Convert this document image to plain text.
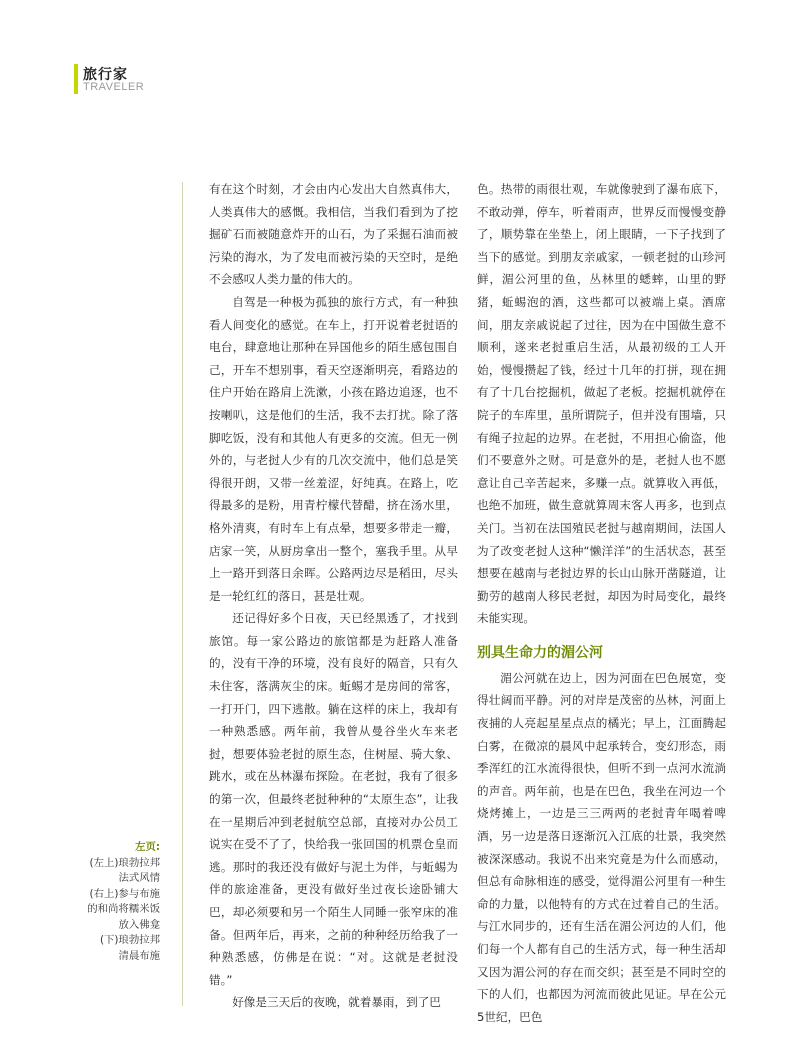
旅行家
TRAVELER

有在这个时刻，才会由内心发出大自然真伟大，人类真伟大的感慨。我相信，当我们看到为了挖掘矿石而被随意炸开的山石，为了采掘石油而被污染的海水，为了发电而被污染的天空时，是绝不会感叹人类力量的伟大的。

自驾是一种极为孤独的旅行方式，有一种独看人间变化的感觉。在车上，打开说着老挝语的电台，肆意地让那种在异国他乡的陌生感包围自己，开车不想别事，看天空逐渐明亮，看路边的住户开始在路肩上洗漱，小孩在路边追逐，也不按喇叭，这是他们的生活，我不去打扰。除了落脚吃饭，没有和其他人有更多的交流。但无一例外的，与老挝人少有的几次交流中，他们总是笑得很开朗，又带一丝羞涩，好纯真。在路上，吃得最多的是粉，用青柠檬代替醋，挤在汤水里，格外清爽，有时车上有点晕，想要多带走一瓣，店家一笑，从厨房拿出一整个，塞我手里。从早上一路开到落日余晖。公路两边尽是稻田，尽头是一轮红红的落日，甚是壮观。

还记得好多个日夜，天已经黑透了，才找到旅馆。每一家公路边的旅馆都是为赶路人准备的，没有干净的环境，没有良好的隔音，只有久未住客，落满灰尘的床。蚯蜴才是房间的常客，一打开门，四下逃散。躺在这样的床上，我却有一种熟悉感。两年前，我曾从曼谷坐火车来老挝，想要体验老挝的原生态，住树屋、骑大象、跳水，或在丛林瀑布探险。在老挝，我有了很多的第一次，但最终老挝种种的“太原生态”，让我在一星期后冲到老挝航空总部，直接对办公员工说实在受不了了，快给我一张回国的机票仓皇而逃。那时的我还没有做好与泥土为伴，与蚯蜴为伴的旅途准备，更没有做好坐过夜长途卧铺大巴，却必须要和另一个陌生人同睡一张窄床的准备。但两年后，再来，之前的种种经历给我了一种熟悉感，仿佛是在说：“对。这就是老挝没错。”

好像是三天后的夜晚，就着暴雨，到了巴

色。热带的雨很壮观，车就像驶到了瀑布底下，不敢动弹，停车，听着雨声，世界反而慢慢变静了，顺势靠在坐垫上，闭上眼睛，一下子找到了当下的感觉。到朋友亲戚家，一顿老挝的山珍河鲜，湄公河里的鱼，丛林里的蟋蟀，山里的野猪，蚯蜴泡的酒，这些都可以被端上桌。酒席间，朋友亲戚说起了过往，因为在中国做生意不顺利，遂来老挝重启生活，从最初级的工人开始，慢慢攒起了钱，经过十几年的打拼，现在拥有了十几台挖掘机，做起了老板。挖掘机就停在院子的车库里，虽所谓院子，但并没有围墙，只有绳子拉起的边界。在老挝，不用担心偷盗，他们不要意外之财。可是意外的是，老挝人也不愿意让自己辛苦起来，多赚一点。就算收入再低，也绝不加班，做生意就算周末客人再多，也到点关门。当初在法国殖民老挝与越南期间，法国人为了改变老挝人这种“懒洋洋”的生活状态，甚至想要在越南与老挝边界的长山山脉开凿隧道，让勤劳的越南人移民老挝，却因为时局变化，最终未能实现。

别具生命力的湄公河

湄公河就在边上，因为河面在巴色展宽，变得壮阔而平静。河的对岸是茂密的丛林，河面上夜捕的人亮起星星点点的橘光；早上，江面腾起白雾，在微凉的晨风中起承转合，变幻形态，雨季浑红的江水流得很快，但听不到一点河水流淌的声音。两年前，也是在巴色，我坐在河边一个烧烤摊上，一边是三三两两的老挝青年喝着啤酒，另一边是落日逐渐沉入江底的壮景，我突然被深深感动。我说不出来究竟是为什么而感动，但总有命脉相连的感受，觉得湄公河里有一种生命的力量，以他特有的方式在过着自己的生活。与江水同步的，还有生活在湄公河边的人们，他们每一个人都有自己的生活方式，每一种生活却又因为湄公河的存在而交织；甚至是不同时空的下的人们，也都因为河流而彼此见证。早在公元5世纪，巴色

左页:
(左上)琅勃拉邦
法式风情
(右上)参与布施
的和尚将糯米饭
放入佛龛
(下)琅勃拉邦
清晨布施
